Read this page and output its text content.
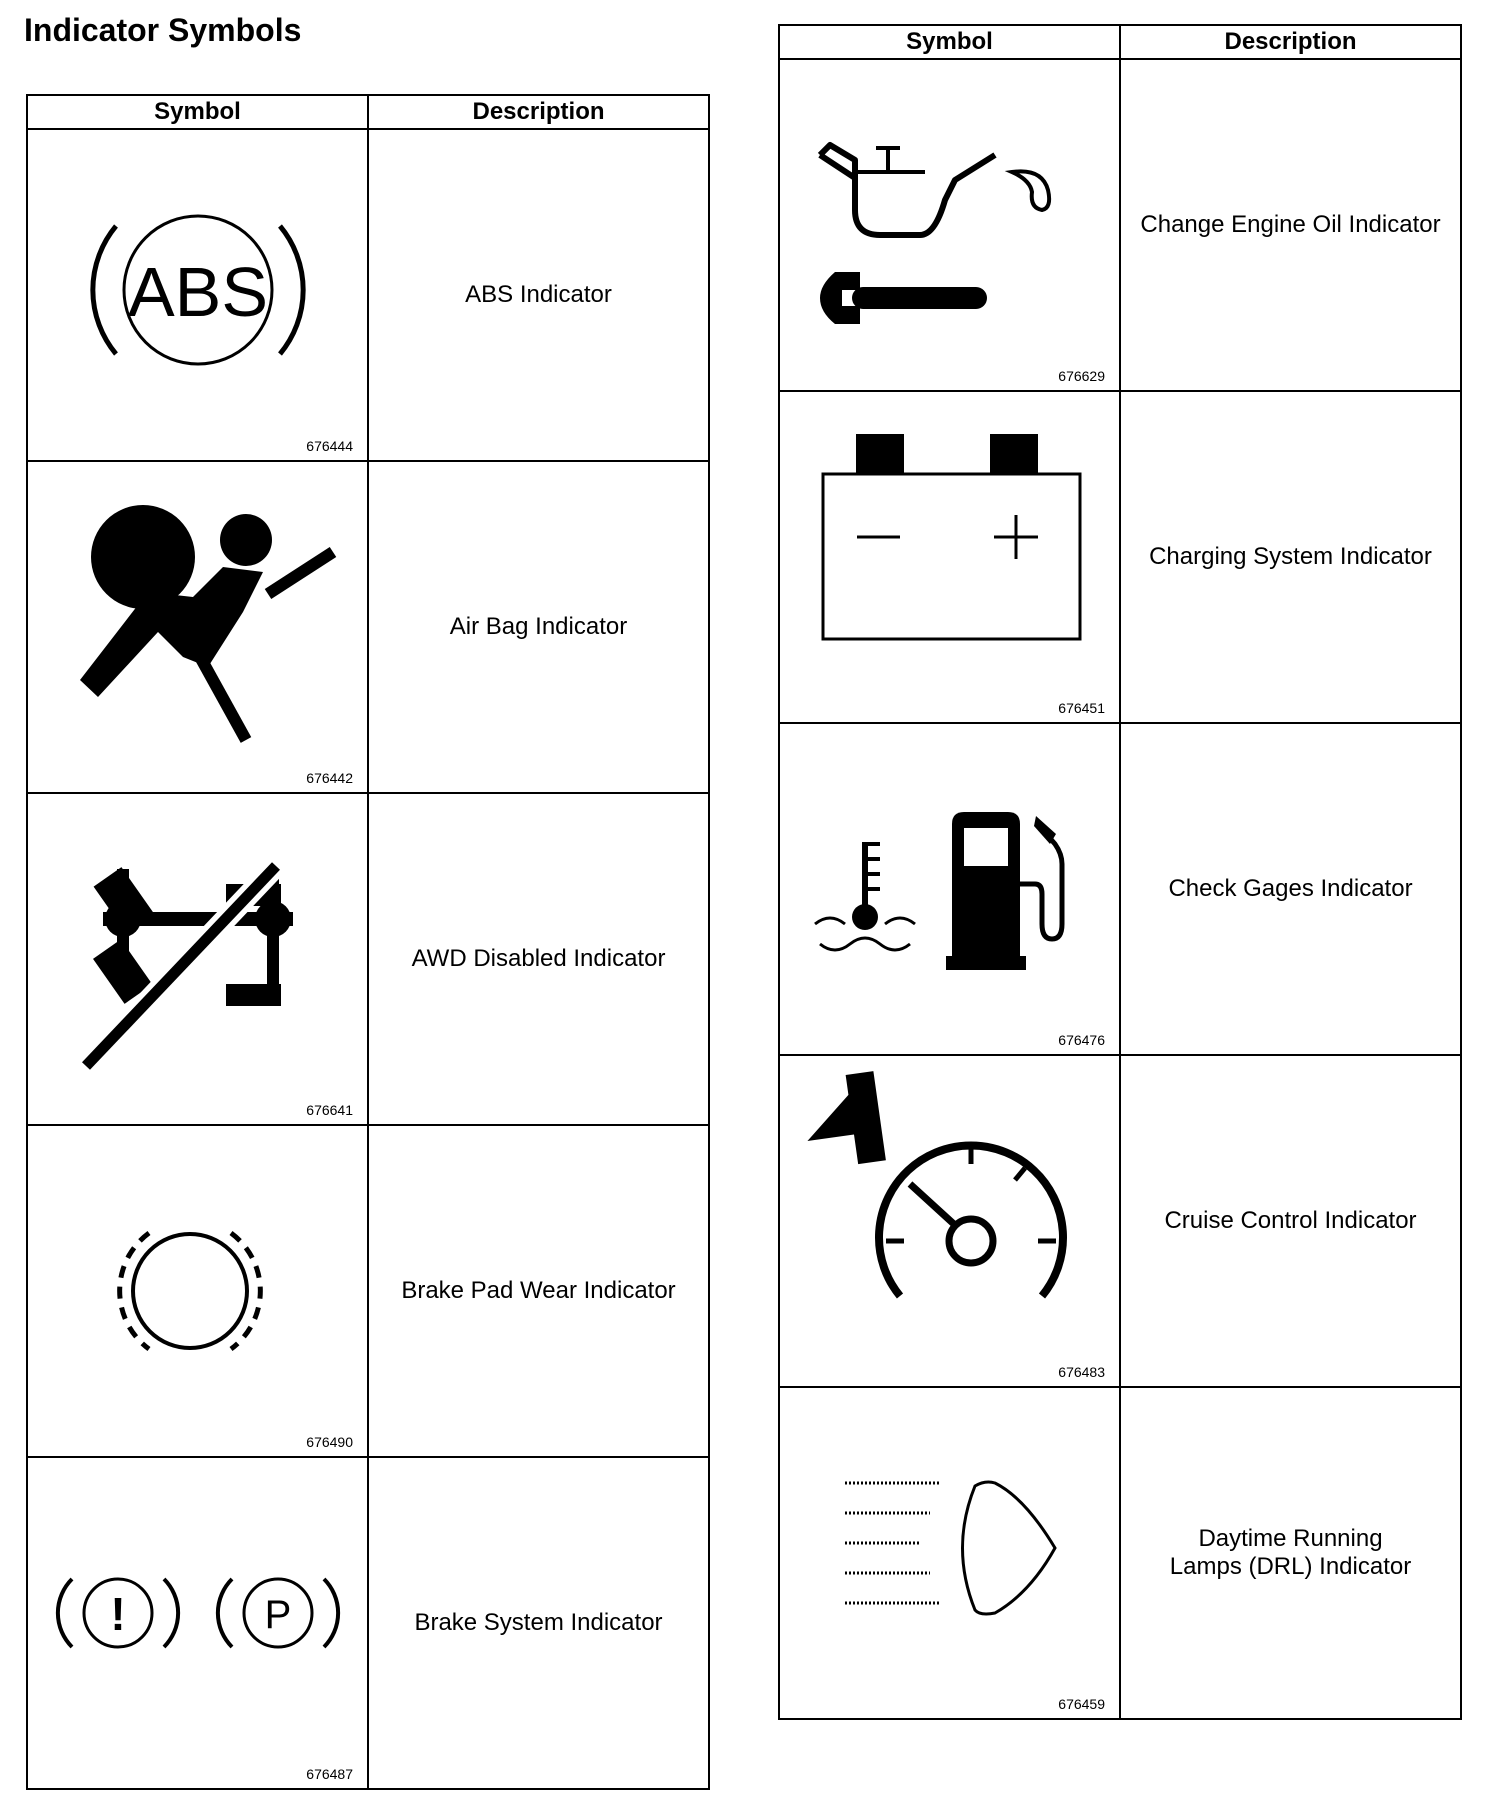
Indicator Symbols
Symbol	Description

ABS
676444	ABS Indicator

676442	Air Bag Indicator

676641	AWD Disabled Indicator

676490	Brake Pad Wear Indicator

! P
676487	Brake System Indicator
Symbol	Description

676629	Change Engine Oil Indicator

676451	Charging System Indicator

676476	Check Gages Indicator

676483	Cruise Control Indicator

676459	Daytime Running
Lamps (DRL) Indicator
